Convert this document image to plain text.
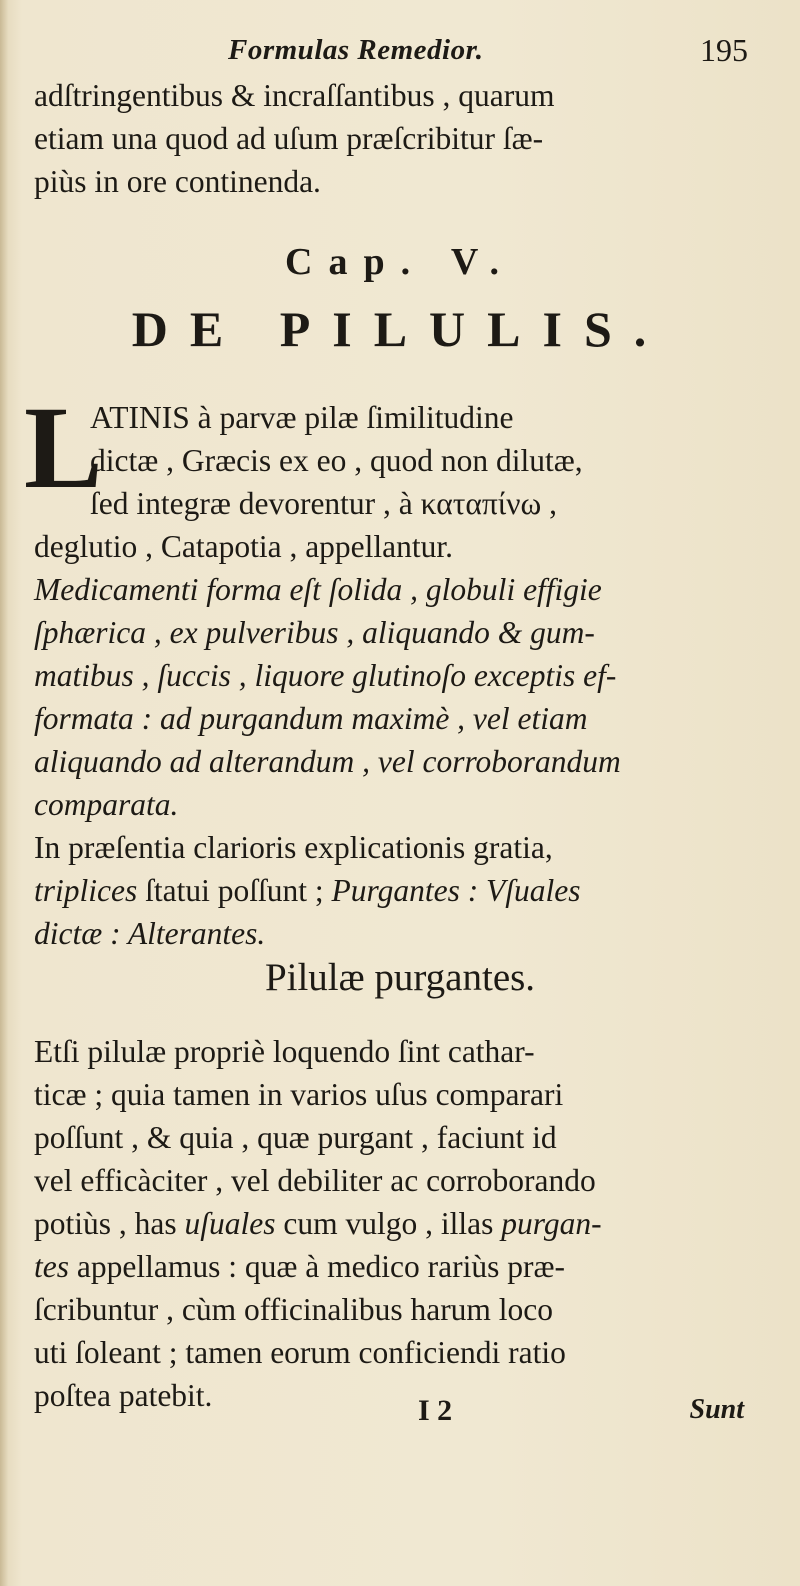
Formulas Remedior.	195
adſtringentibus & incraſſantibus , quarum
etiam una quod ad uſum præſcribitur ſæ-
piùs in ore continenda.
Cap. V.
DE PILULIS.
L
ATINIS à parvæ pilæ ſimilitudine
dictæ , Græcis ex eo , quod non dilutæ,
ſed integræ devorentur , à καταπίνω ,
deglutio , Catapotia , appellantur.
Medicamenti forma eſt ſolida , globuli effigie
ſphærica , ex pulveribus , aliquando & gum-
matibus , ſuccis , liquore glutinoſo exceptis ef-
formata : ad purgandum maximè , vel etiam
aliquando ad alterandum , vel corroborandum
comparata.
In præſentia clarioris explicationis gratia,
triplices ſtatui poſſunt ; Purgantes : Vſuales
dictæ : Alterantes.
Pilulæ purgantes.
Etſi pilulæ propriè loquendo ſint cathar-
ticæ ; quia tamen in varios uſus comparari
poſſunt , & quia , quæ purgant , faciunt id
vel efficàciter , vel debiliter ac corroborando
potiùs , has uſuales cum vulgo , illas purgan-
tes appellamus : quæ à medico rariùs præ-
ſcribuntur , cùm officinalibus harum loco
uti ſoleant ; tamen eorum conficiendi ratio
poſtea patebit.	I 2	Sunt
